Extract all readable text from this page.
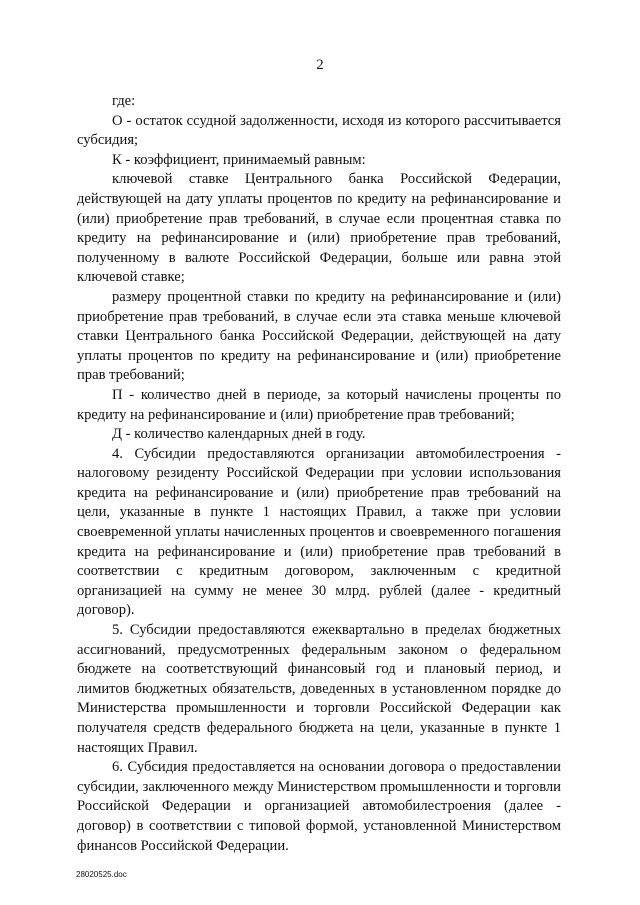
2

где:

О - остаток ссудной задолженности, исходя из которого рассчитывается субсидия;

К - коэффициент, принимаемый равным:

ключевой ставке Центрального банка Российской Федерации, действующей на дату уплаты процентов по кредиту на рефинансирование и (или) приобретение прав требований, в случае если процентная ставка по кредиту на рефинансирование и (или) приобретение прав требований, полученному в валюте Российской Федерации, больше или равна этой ключевой ставке;

размеру процентной ставки по кредиту на рефинансирование и (или) приобретение прав требований, в случае если эта ставка меньше ключевой ставки Центрального банка Российской Федерации, действующей на дату уплаты процентов по кредиту на рефинансирование и (или) приобретение прав требований;

П - количество дней в периоде, за который начислены проценты по кредиту на рефинансирование и (или) приобретение прав требований;

Д - количество календарных дней в году.

4. Субсидии предоставляются организации автомобилестроения - налоговому резиденту Российской Федерации при условии использования кредита на рефинансирование и (или) приобретение прав требований на цели, указанные в пункте 1 настоящих Правил, а также при условии своевременной уплаты начисленных процентов и своевременного погашения кредита на рефинансирование и (или) приобретение прав требований в соответствии с кредитным договором, заключенным с кредитной организацией на сумму не менее 30 млрд. рублей (далее - кредитный договор).

5. Субсидии предоставляются ежеквартально в пределах бюджетных ассигнований, предусмотренных федеральным законом о федеральном бюджете на соответствующий финансовый год и плановый период, и лимитов бюджетных обязательств, доведенных в установленном порядке до Министерства промышленности и торговли Российской Федерации как получателя средств федерального бюджета на цели, указанные в пункте 1 настоящих Правил.

6. Субсидия предоставляется на основании договора о предоставлении субсидии, заключенного между Министерством промышленности и торговли Российской Федерации и организацией автомобилестроения (далее - договор) в соответствии с типовой формой, установленной Министерством финансов Российской Федерации.

28020525.doc
